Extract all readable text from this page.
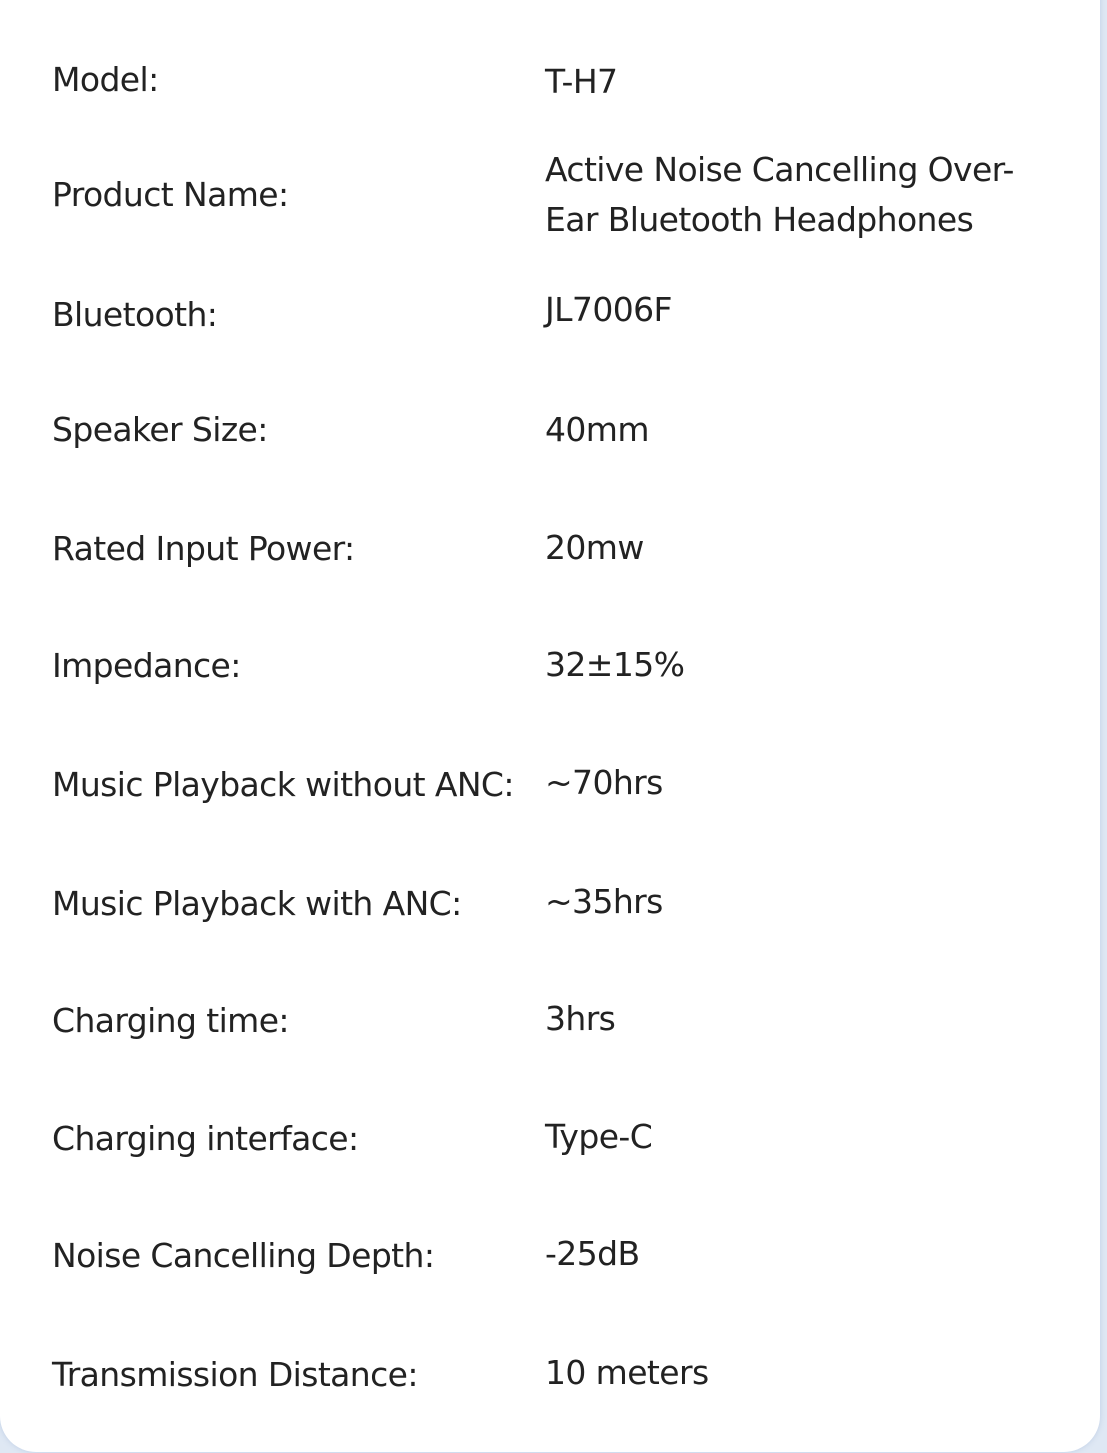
Model:	T-H7
Product Name:
Active Noise Cancelling Over-Ear Bluetooth Headphones
Bluetooth:	JL7006F
Speaker Size:	40mm
Rated Input Power:	20mw
Impedance:	32±15%
Music Playback without ANC: ~70hrs
Music Playback with ANC:	~35hrs
Charging time:	3hrs
Charging interface:	Type-C
Noise Cancelling Depth:	-25dB
Transmission Distance:	10 meters
